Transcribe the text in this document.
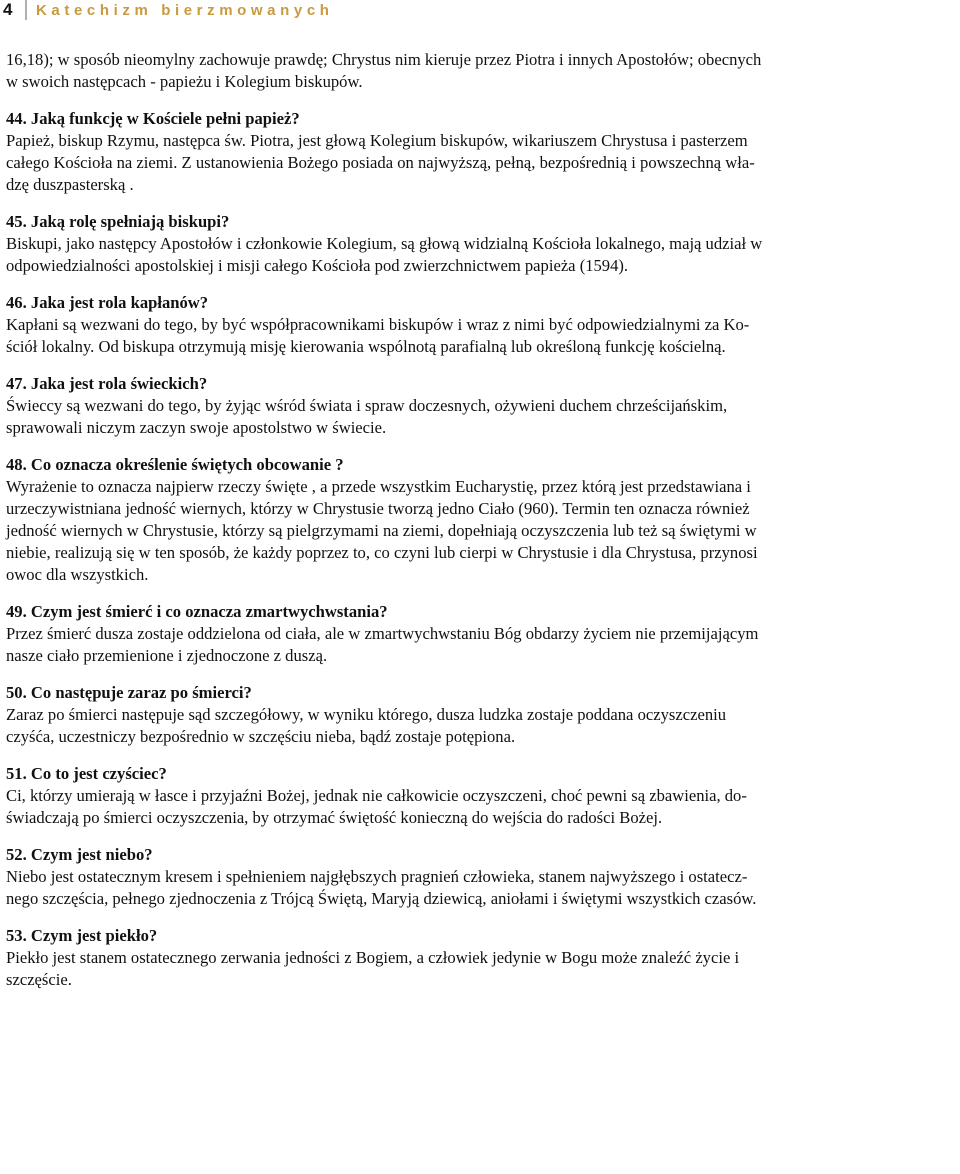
4	Katechizm bierzmowanych
16,18); w sposób nieomylny zachowuje prawdę; Chrystus nim kieruje przez Piotra i innych Apostołów; obecnych
w swoich następcach - papieżu i Kolegium biskupów.
44. Jaką funkcję w Kościele pełni papież?
Papież, biskup Rzymu, następca św. Piotra, jest głową Kolegium biskupów, wikariuszem Chrystusa i pasterzem
całego Kościoła na ziemi. Z ustanowienia Bożego posiada on najwyższą, pełną, bezpośrednią i powszechną wła-
dzę duszpasterską .
45. Jaką rolę spełniają biskupi?
Biskupi, jako następcy Apostołów i członkowie Kolegium, są głową widzialną Kościoła lokalnego, mają udział w
odpowiedzialności apostolskiej i misji całego Kościoła pod zwierzchnictwem papieża (1594).
46. Jaka jest rola kapłanów?
Kapłani są wezwani do tego, by być współpracownikami biskupów i wraz z nimi być odpowiedzialnymi za Ko-
ściół lokalny. Od biskupa otrzymują misję kierowania wspólnotą parafialną lub określoną funkcję kościelną.
47. Jaka jest rola świeckich?
Świeccy są wezwani do tego, by żyjąc wśród świata i spraw doczesnych, ożywieni duchem chrześcijańskim,
sprawowali niczym zaczyn swoje apostolstwo w świecie.
48. Co oznacza określenie świętych obcowanie ?
Wyrażenie to oznacza najpierw rzeczy święte , a przede wszystkim Eucharystię, przez którą jest przedstawiana i
urzeczywistniana jedność wiernych, którzy w Chrystusie tworzą jedno Ciało (960). Termin ten oznacza również
jedność wiernych w Chrystusie, którzy są pielgrzymami na ziemi, dopełniają oczyszczenia lub też są świętymi w
niebie, realizują się w ten sposób, że każdy poprzez to, co czyni lub cierpi w Chrystusie i dla Chrystusa, przynosi
owoc dla wszystkich.
49. Czym jest śmierć i co oznacza zmartwychwstania?
Przez śmierć dusza zostaje oddzielona od ciała, ale w zmartwychwstaniu Bóg obdarzy życiem nie przemijającym
nasze ciało przemienione i zjednoczone z duszą.
50. Co następuje zaraz po śmierci?
Zaraz po śmierci następuje sąd szczegółowy, w wyniku którego, dusza ludzka zostaje poddana oczyszczeniu
czyśća, uczestniczy bezpośrednio w szczęściu nieba, bądź zostaje potępiona.
51. Co to jest czyściec?
Ci, którzy umierają w łasce i przyjaźni Bożej, jednak nie całkowicie oczyszczeni, choć pewni są zbawienia, do-
świadczają po śmierci oczyszczenia, by otrzymać świętość konieczną do wejścia do radości Bożej.
52. Czym jest niebo?
Niebo jest ostatecznym kresem i spełnieniem najgłębszych pragnień człowieka, stanem najwyższego i ostatecz-
nego szczęścia, pełnego zjednoczenia z Trójcą Świętą, Maryją dziewicą, aniołami i świętymi wszystkich czasów.
53. Czym jest piekło?
Piekło jest stanem ostatecznego zerwania jedności z Bogiem, a człowiek jedynie w Bogu może znaleźć życie i
szczęście.
